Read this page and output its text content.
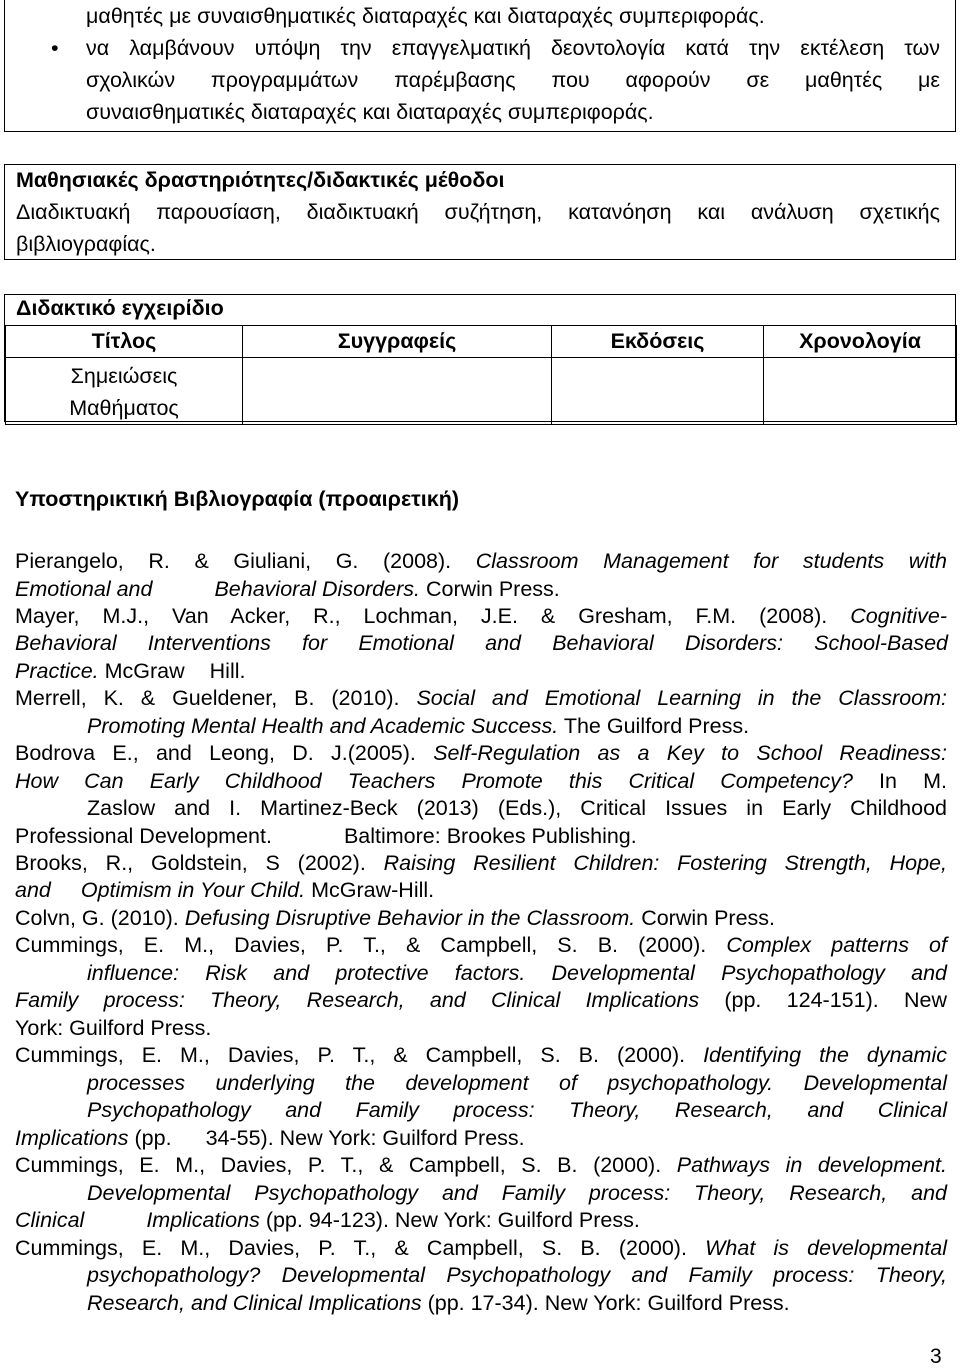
μαθητές με συναισθηματικές διαταραχές και διαταραχές συμπεριφοράς.
• να λαμβάνουν υπόψη την επαγγελματική δεοντολογία κατά την εκτέλεση των
σχολικών προγραμμάτων παρέμβασης που αφορούν σε μαθητές με
συναισθηματικές διαταραχές και διαταραχές συμπεριφοράς.
Μαθησιακές δραστηριότητες/διδακτικές μέθοδοι
Διαδικτυακή παρουσίαση, διαδικτυακή συζήτηση, κατανόηση και ανάλυση σχετικής
βιβλιογραφίας.
Διδακτικό εγχειρίδιο
Τίτλος	Συγγραφείς	Εκδόσεις	Χρονολογία

Σημειώσεις
Μαθήματος			

Υποστηρικτική Βιβλιογραφία (προαιρετική)
Pierangelo, R. & Giuliani, G. (2008). Classroom Management for students with
Emotional and	Behavioral Disorders. Corwin Press.
Mayer, M.J., Van Acker, R., Lochman, J.E. & Gresham, F.M. (2008). Cognitive-
Behavioral Interventions for Emotional and Behavioral Disorders: School-Based
Practice. McGraw Hill.
Merrell, K. & Gueldener, B. (2010). Social and Emotional Learning in the Classroom:
Promoting Mental Health and Academic Success. The Guilford Press.
Bodrova E., and Leong, D. J.(2005). Self-Regulation as a Key to School Readiness:
How Can Early Childhood Teachers Promote this Critical Competency? In M.
Zaslow and I. Martinez-Beck (2013) (Eds.), Critical Issues in Early Childhood
Professional Development.	Baltimore: Brookes Publishing.
Brooks, R., Goldstein, S (2002). Raising Resilient Children: Fostering Strength, Hope,
and Optimism in Your Child. McGraw-Hill.
Colvn, G. (2010). Defusing Disruptive Behavior in the Classroom. Corwin Press.
Cummings, E. M., Davies, P. T., & Campbell, S. B. (2000). Complex patterns of
influence: Risk and protective factors. Developmental Psychopathology and
Family process: Theory, Research, and Clinical Implications (pp. 124-151). New
York: Guilford Press.
Cummings, E. M., Davies, P. T., & Campbell, S. B. (2000). Identifying the dynamic
processes underlying the development of psychopathology. Developmental
Psychopathology and Family process: Theory, Research, and Clinical
Implications (pp. 34-55). New York: Guilford Press.
Cummings, E. M., Davies, P. T., & Campbell, S. B. (2000). Pathways in development.
Developmental Psychopathology and Family process: Theory, Research, and
Clinical	Implications (pp. 94-123). New York: Guilford Press.
Cummings, E. M., Davies, P. T., & Campbell, S. B. (2000). What is developmental
psychopathology? Developmental Psychopathology and Family process: Theory,
Research, and Clinical Implications (pp. 17-34). New York: Guilford Press.
3
